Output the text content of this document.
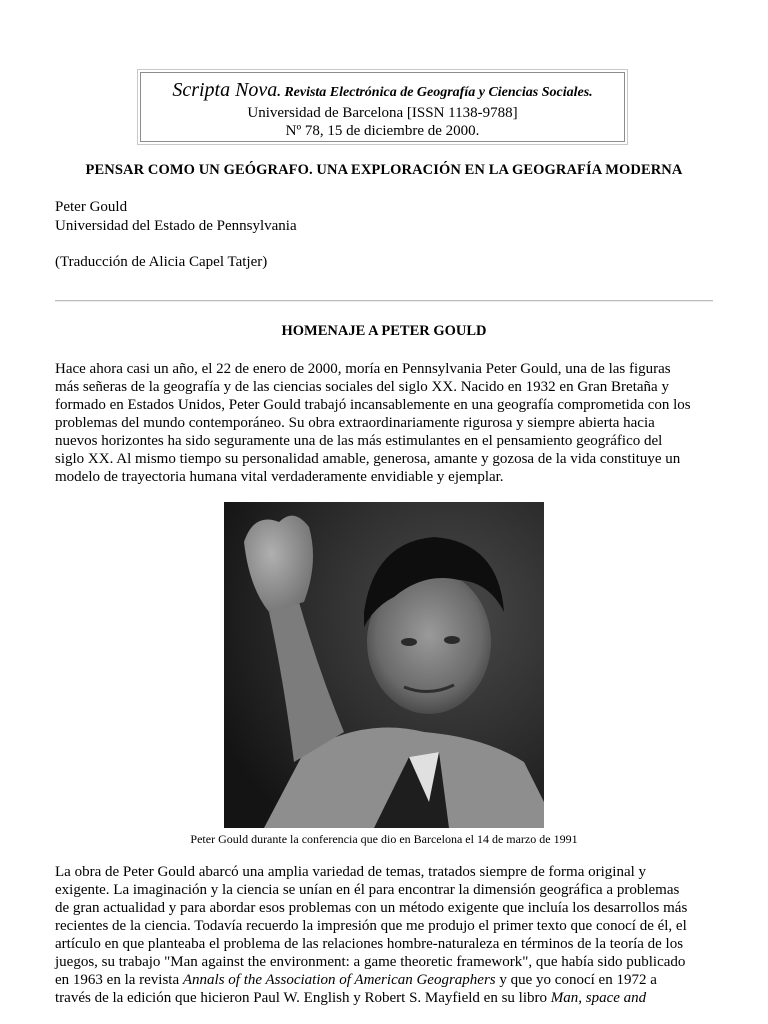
Scripta Nova. Revista Electrónica de Geografía y Ciencias Sociales.
Universidad de Barcelona [ISSN 1138-9788]
Nº 78, 15 de diciembre de 2000.
PENSAR COMO UN GEÓGRAFO. UNA EXPLORACIÓN EN LA GEOGRAFÍA MODERNA
Peter Gould
Universidad del Estado de Pennsylvania
(Traducción de Alicia Capel Tatjer)
HOMENAJE A PETER GOULD
Hace ahora casi un año, el 22 de enero de 2000, moría en Pennsylvania Peter Gould, una de las figuras
más señeras de la geografía y de las ciencias sociales del siglo XX. Nacido en 1932 en Gran Bretaña y
formado en Estados Unidos, Peter Gould trabajó incansablemente en una geografía comprometida con los
problemas del mundo contemporáneo. Su obra extraordinariamente rigurosa y siempre abierta hacia
nuevos horizontes ha sido seguramente una de las más estimulantes en el pensamiento geográfico del
siglo XX. Al mismo tiempo su personalidad amable, generosa, amante y gozosa de la vida constituye un
modelo de trayectoria humana vital verdaderamente envidiable y ejemplar.
Peter Gould durante la conferencia que dio en Barcelona el 14 de marzo de 1991
La obra de Peter Gould abarcó una amplia variedad de temas, tratados siempre de forma original y
exigente. La imaginación y la ciencia se unían en él para encontrar la dimensión geográfica a problemas
de gran actualidad y para abordar esos problemas con un método exigente que incluía los desarrollos más
recientes de la ciencia. Todavía recuerdo la impresión que me produjo el primer texto que conocí de él, el
artículo en que planteaba el problema de las relaciones hombre-naturaleza en términos de la teoría de los
juegos, su trabajo "Man against the environment: a game theoretic framework", que había sido publicado
en 1963 en la revista Annals of the Association of American Geographers y que yo conocí en 1972 a
través de la edición que hicieron Paul W. English y Robert S. Mayfield en su libro Man, space and
